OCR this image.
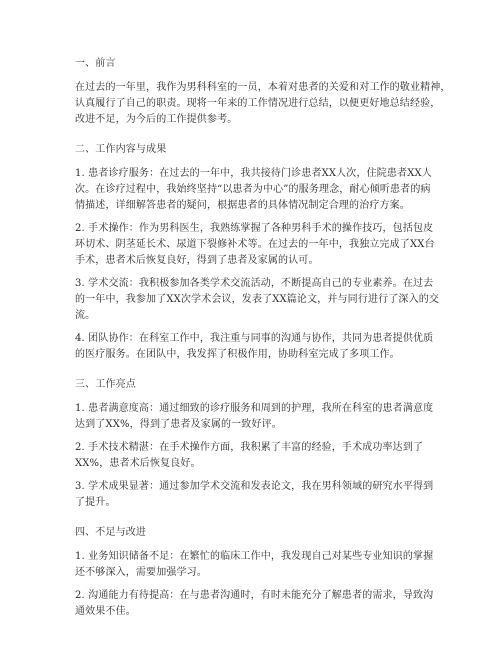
一、前言
在过去的一年里，我作为男科科室的一员，本着对患者的关爱和对工作的敬业精神，
认真履行了自己的职责。现将一年来的工作情况进行总结，以便更好地总结经验，
改进不足，为今后的工作提供参考。
二、工作内容与成果
1. 患者诊疗服务：在过去的一年中，我共接待门诊患者XX人次，住院患者XX人
次。在诊疗过程中，我始终坚持“以患者为中心”的服务理念，耐心倾听患者的病
情描述，详细解答患者的疑问，根据患者的具体情况制定合理的治疗方案。
2. 手术操作：作为男科医生，我熟练掌握了各种男科手术的操作技巧，包括包皮
环切术、阴茎延长术、尿道下裂修补术等。在过去的一年中，我独立完成了XX台
手术，患者术后恢复良好，得到了患者及家属的认可。
3. 学术交流：我积极参加各类学术交流活动，不断提高自己的专业素养。在过去
的一年中，我参加了XX次学术会议，发表了XX篇论文，并与同行进行了深入的交
流。
4. 团队协作：在科室工作中，我注重与同事的沟通与协作，共同为患者提供优质
的医疗服务。在团队中，我发挥了积极作用，协助科室完成了多项工作。
三、工作亮点
1. 患者满意度高：通过细致的诊疗服务和周到的护理，我所在科室的患者满意度
达到了XX%，得到了患者及家属的一致好评。
2. 手术技术精湛：在手术操作方面，我积累了丰富的经验，手术成功率达到了
XX%，患者术后恢复良好。
3. 学术成果显著：通过参加学术交流和发表论文，我在男科领域的研究水平得到
了提升。
四、不足与改进
1. 业务知识储备不足：在繁忙的临床工作中，我发现自己对某些专业知识的掌握
还不够深入，需要加强学习。
2. 沟通能力有待提高：在与患者沟通时，有时未能充分了解患者的需求，导致沟
通效果不佳。
